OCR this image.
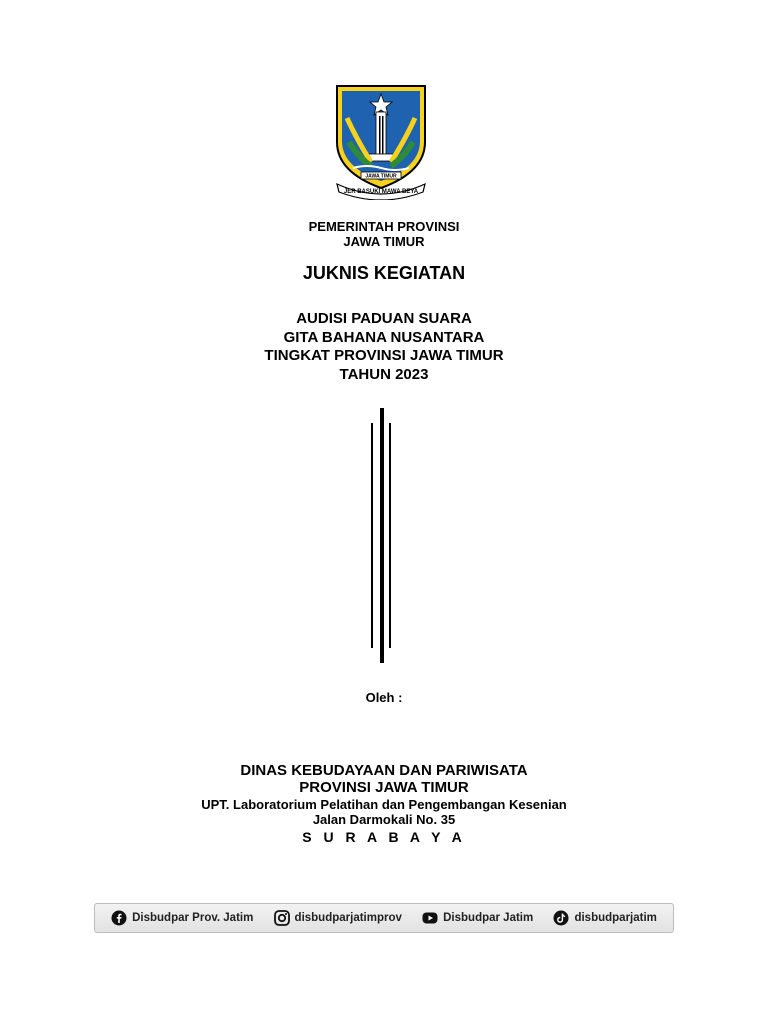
JAWA TIMUR
JER BASUKI MAWA BEYA
PEMERINTAH PROVINSI
JAWA TIMUR
JUKNIS KEGIATAN
AUDISI PADUAN SUARA
GITA BAHANA NUSANTARA
TINGKAT PROVINSI JAWA TIMUR
TAHUN 2023
Oleh :
DINAS KEBUDAYAAN DAN PARIWISATA
PROVINSI JAWA TIMUR
UPT. Laboratorium Pelatihan dan Pengembangan Kesenian
Jalan Darmokali No. 35
S U R A B A Y A
Disbudpar Prov. Jatim	disbudparjatimprov	Disbudpar Jatim	disbudparjatim
